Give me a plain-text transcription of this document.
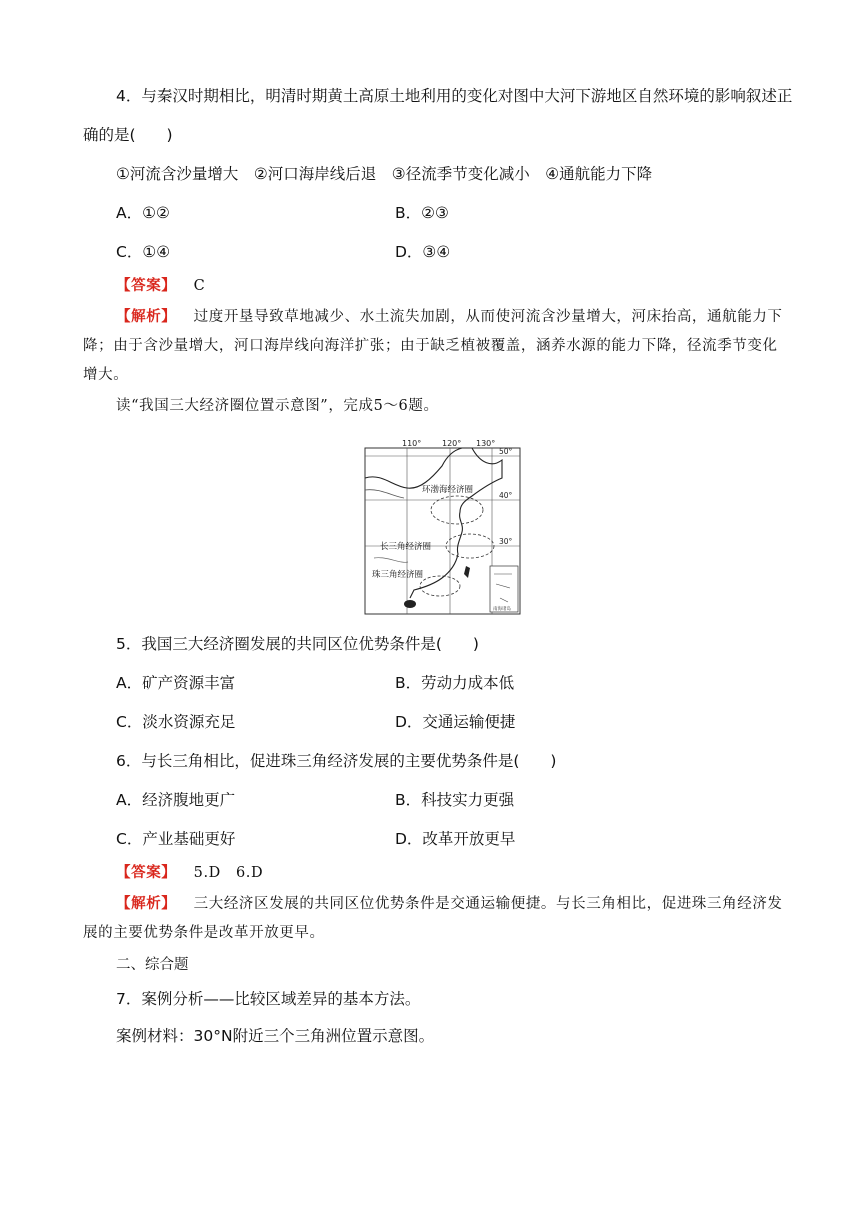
4．与秦汉时期相比，明清时期黄土高原土地利用的变化对图中大河下游地区自然环境的影响叙述正
确的是(　　)
①河流含沙量增大　②河口海岸线后退　③径流季节变化减小　④通航能力下降
A．①②	B．②③
C．①④	D．③④
【答案】 C
【解析】 过度开垦导致草地减少、水土流失加剧，从而使河流含沙量增大，河床抬高，通航能力下
降；由于含沙量增大，河口海岸线向海洋扩张；由于缺乏植被覆盖，涵养水源的能力下降，径流季节变化
增大。
读“我国三大经济圈位置示意图”，完成5～6题。
110°	120° 130°
50°
40°
30°
环渤海经济圈
长三角经济圈
珠三角经济圈
南海诸岛
5．我国三大经济圈发展的共同区位优势条件是(　　)
A．矿产资源丰富	B．劳动力成本低
C．淡水资源充足	D．交通运输便捷
6．与长三角相比，促进珠三角经济发展的主要优势条件是(　　)
A．经济腹地更广	B．科技实力更强
C．产业基础更好	D．改革开放更早
【答案】 5.D　6.D
【解析】 三大经济区发展的共同区位优势条件是交通运输便捷。与长三角相比，促进珠三角经济发
展的主要优势条件是改革开放更早。
二、综合题
7．案例分析——比较区域差异的基本方法。
案例材料：30°N附近三个三角洲位置示意图。
